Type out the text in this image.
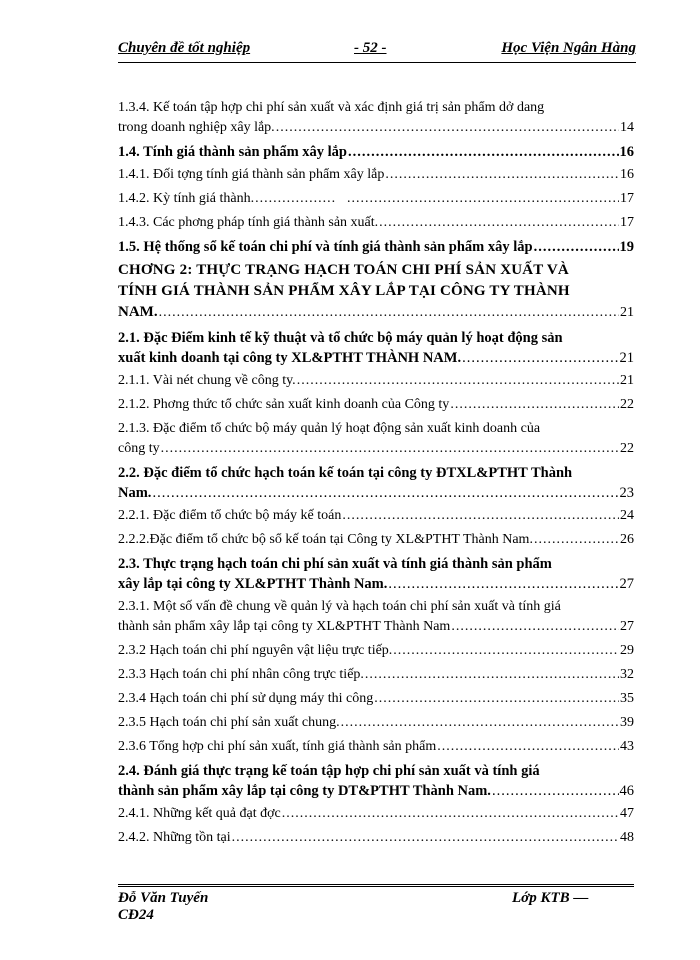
Chuyên đề tốt nghiệp	- 52 -	Học Viện Ngân Hàng
1.3.4. Kế toán tập hợp chi phí sản xuất và xác định giá trị sản phẩm dở dang
trong doanh nghiệp xây lắp. .....	14
1.4. Tính giá thành sản phẩm xây lắp .....	16
1.4.1. Đối tợng tính giá thành sản phẩm xây lắp .....	16
1.4.2. Kỳ tính giá thành. ..... .....	17
1.4.3. Các phơng pháp tính giá thành sản xuất. .....	17
1.5. Hệ thống sổ kế toán chi phí và tính giá thành sản phẩm xây lắp .....	19
CHƠNG 2: THỰC TRẠNG HẠCH TOÁN CHI PHÍ SẢN XUẤT VÀ
TÍNH GIÁ THÀNH SẢN PHẨM XÂY LẮP TẠI CÔNG TY THÀNH
NAM. .....	21
2.1. Đặc Điểm kinh tế kỹ thuật và tổ chức bộ máy quản lý hoạt động sản
xuất kinh doanh tại công ty XL&PTHT THÀNH NAM. .....	21
2.1.1. Vài nét chung về công ty. .....	21
2.1.2. Phơng thức tổ chức sản xuất kinh doanh của Công ty .....	22
2.1.3. Đặc điểm tổ chức bộ máy quản lý hoạt động sản xuất kinh doanh của
công ty .....	22
2.2. Đặc điểm tổ chức hạch toán kế toán tại công ty ĐTXL&PTHT Thành
Nam. .....	23
2.2.1. Đặc điểm tổ chức bộ máy kế toán .....	24
2.2.2.Đặc điểm tổ chức bộ sổ kế toán tại Công ty XL&PTHT Thành Nam. .....	26
2.3. Thực trạng hạch toán chi phí sản xuất và tính giá thành sản phẩm
xây lắp tại công ty XL&PTHT Thành Nam. .....	27
2.3.1. Một số vấn đề chung về quản lý và hạch toán chi phí sản xuất và tính giá
thành sản phẩm xây lắp tại công ty XL&PTHT Thành Nam .....	27
2.3.2 Hạch toán chi phí nguyên vật liệu trực tiếp. .....	29
2.3.3 Hạch toán chi phí nhân công trực tiếp. .....	32
2.3.4 Hạch toán chi phí sử dụng máy thi công .....	35
2.3.5 Hạch toán chi phí sản xuất chung. .....	39
2.3.6 Tổng hợp chi phí sản xuất, tính giá thành sản phẩm .....	43
2.4. Đánh giá thực trạng kế toán tập hợp chi phí sản xuất và tính giá
thành sản phẩm xây lắp tại công ty DT&PTHT Thành Nam. .....	46
2.4.1. Những kết quả đạt đợc .....	47
2.4.2. Những tồn tại .....	48
Đỗ Văn Tuyến
CĐ24
Lớp KTB —
